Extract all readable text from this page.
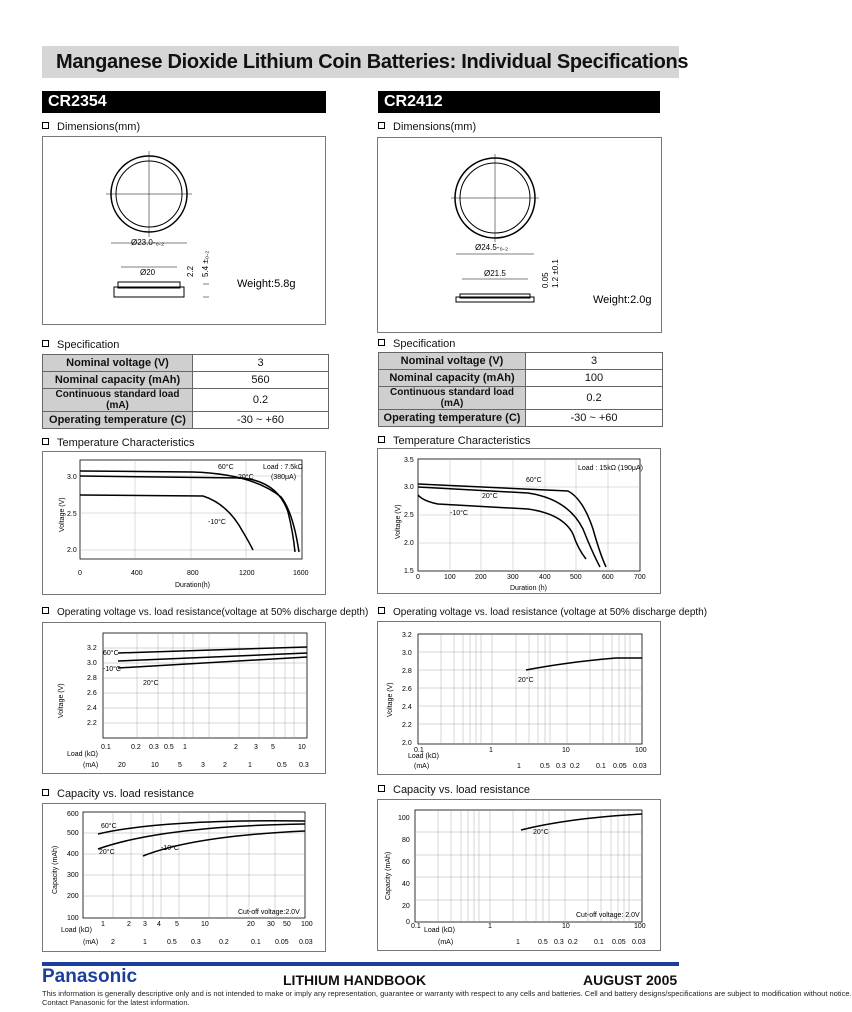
Manganese Dioxide Lithium Coin Batteries: Individual Specifications
CR2354
Dimensions(mm)
Ø23.0-₀.₂
Ø20	2.2 5.4 ±₀.₂
Weight:5.8g
Specification
Nominal voltage (V)	3
Nominal capacity (mAh)	560
Continuous standard load (mA)	0.2
Operating temperature (C)	-30 ~ +60
Temperature Characteristics
3.0
2.5
2.0
0	400	800	1200	1600
Duration(h)
Voltage (V)
60°C
20°C
-10°C
Load : 7.5kΩ
(380μA)
Operating voltage vs. load resistance(voltage at 50% discharge depth)
3.2
3.0
2.8
2.6
2.4
2.2
Voltage (V)
60°C
-10°C
20°C
Load (kΩ)
0.1	0.2 0.3 0.5 1	2 3 5	10
(mA)	20	10	5	3	2	1	0.5 0.3
Capacity vs. load resistance
600
500
400
300
200
100
Capacity (mAh)
60°C
20°C
-10°C
Cut-off voltage:2.0V
Load (kΩ)
1	2 3 4 5	10	20 30 50 100
(mA) 2	1	0.5 0.3	0.2	0.1 0.05 0.03
CR2412
Dimensions(mm)
Ø24.5-₀.₂
Ø21.5	0.05 1.2 ±0.1
Weight:2.0g
Specification
Nominal voltage (V)	3
Nominal capacity (mAh)	100
Continuous standard load (mA)	0.2
Operating temperature (C)	-30 ~ +60
Temperature Characteristics
3.5
3.0
2.5
2.0
1.5
Voltage (V)
0	100	200	300	400	500	600	700
Duration (h)
60°C
20°C
-10°C
Load : 15kΩ (190μA)
Operating voltage vs. load resistance (voltage at 50% discharge depth)
3.2
3.0
2.8
2.6
2.4
2.2
2.0
Voltage (V)
20°C
Load (kΩ)
0.1	1	10	100
(mA)	1	0.5 0.3 0.2 0.1 0.05 0.03
Capacity vs. load resistance
100
80
60
40
20
0
Capacity (mAh)
20°C
Cut-off voltage: 2.0V
Load (kΩ)
0.1	1	10	100
(mA)	1	0.5 0.3 0.2 0.1 0.05 0.03
Panasonic	LITHIUM HANDBOOK	AUGUST 2005
This information is generally descriptive only and is not intended to make or imply any representation, guarantee or warranty with respect to any cells and batteries. Cell and battery designs/specifications are subject to modification without notice.
Contact Panasonic for the latest information.
